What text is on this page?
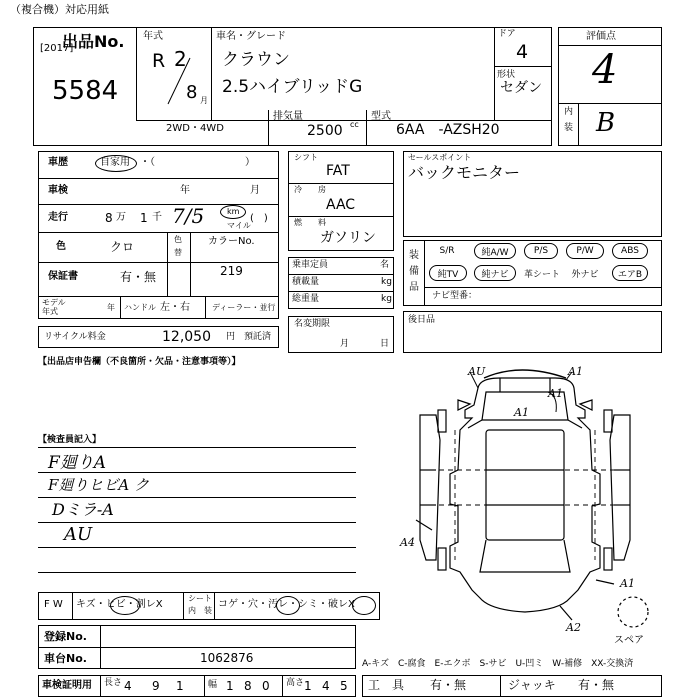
（複合機）対応用紙
出品No.
[2017]
5584
年式
R 2
8 月
車名・グレード
クラウン
2.5ハイブリッドG
ドア
4
形状
セダン
2WD・4WD
排気量
2500 cc
型式
6AA　-AZSH20
評価点
4
内
装 B
車歴	自家用 ・（　　　　　　　　　）
車検	年	月
走行	8 万 1 千 7/5	km
(　)
マイル
色	クロ
色
替
カラーNo.
219
保証書	有・無
モデル
年式	年 ハンドル 左・右	ディーラー・並行
リサイクル料金	12,050 円 預託済
シフト
FAT
冷 房
AAC
燃 料
ガソリン
乗車定員	名
積載量	kg
総重量	kg
名変期限
月	日
セールスポイント
バックモニター
装
備
品
S/R	純A/W	P/S	P/W	ABS
純TV	純ナビ	革シート	外ナビ	エアB
ナビ型番：
後日品
【出品店申告欄（不良箇所・欠品・注意事項等）】
【検査員記入】
F廻りA
F廻りヒビA ク
Dミラ-A
AU
F W キズ・ヒビ・割レX
シート
内　装
コゲ・穴・汚レ・シミ・破レX
登録No.
車台No.	1062876
車検証明用 長さ 4 9 1	幅 1 8 0 高さ 1 4 5 工　具 有・無	ジャッキ 有・無
A-キズ　C-腐食　E-エクボ　S-サビ　U-凹ミ　W-補修　XX-交換済
AU	A1
A1
A1
A4
A1
A2
スペア
